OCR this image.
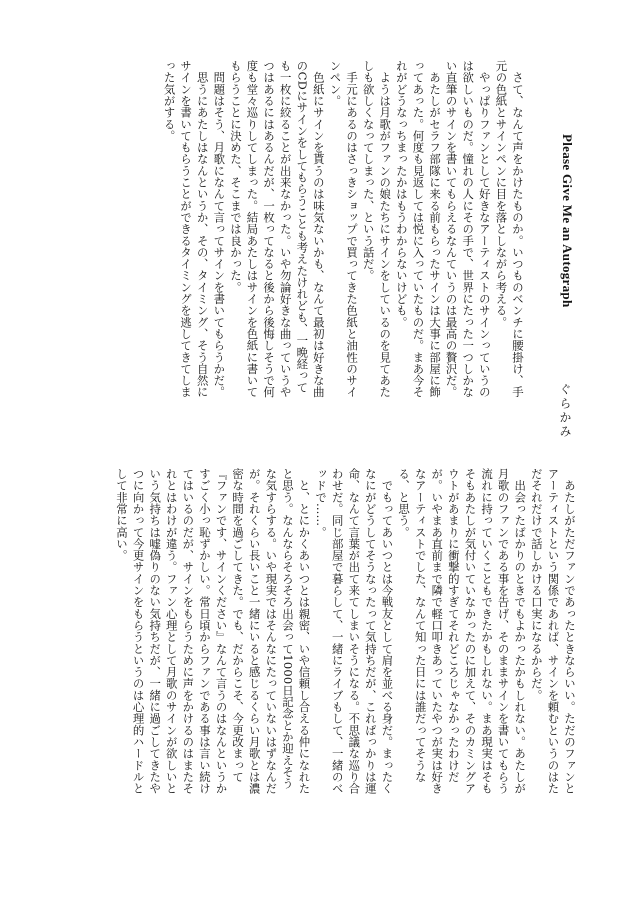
Please Give Me an Autograph
ぐらかみ

　さて、なんて声をかけたものか。いつものベンチに腰掛け、手元の色紙とサインペンに目を落としながら考える。

　やっぱりファンとして好きなアーティストのサインっていうのは欲しいものだ。憧れの人にその手で、世界にたった一つしかない直筆のサインを書いてもらえるなんていうのは最高の贅沢だ。

　あたしがセラフ部隊に来る前もらったサインは大事に部屋に飾ってあった。何度も見返しては悦に入っていたものだ。まあ今それがどうなっちまったかはもうわからないけども。

　ようは月歌がファンの娘たちにサインをしているのを見てあたしも欲しくなってしまった、という話だ。

　手元にあるのはさっきショップで買ってきた色紙と油性のサインペン。

　色紙にサインを貰うのは味気ないかも、なんて最初は好きな曲のCDにサインをしてもらうことも考えたけれども、一晩経っても一枚に絞ることが出来なかった。いや勿論好きな曲っていうやつはあるにはあるんだが、一枚ってなると後から後悔しそうで何度も堂々巡りしてしまった。結局あたしはサインを色紙に書いてもらうことに決めた、そこまでは良かった。

　問題はそう、月歌になんて言ってサインを書いてもらうかだ。

　思うにあたしはなんというか、その、タイミング、そう自然にサインを書いてもらうことができるタイミングを逃してきてしまった気がする。

　あたしがただファンであったときならいい。ただのファンとアーティストという関係であれば、サインを頼むというのはただそれだけで話しかける口実になるからだ。

　出会ったばかりのときでもよかったかもしれない。あたしが月歌のファンである事を告げ、そのままサインを書いてもらう流れに持っていくこともできたかもしれない。まあ現実はそもそもあたしが気付いていなかったのに加えて、そのカミングアウトがあまりに衝撃的すぎてそれどころじゃなかったわけだが。いやまあ直前まで隣で軽口叩きあっていたやつが実は好きなアーティストでした、なんて知った日には誰だってそうなる、と思う。

　でもってあいつとは今戦友として肩を並べる身だ。まったくなにがどうしてそうなったって気持ちだが、これぱっかりは運命、なんて言葉が出て来てしまいそうになる。不思議な巡り合わせだ。同じ部屋で暮らして、一緒にライブもして、一緒のベッドで……。

　と、とにかくあいつとは親密、いや信頼し合える仲になれたと思う。なんならそろそろ出会って1000日記念とか迎えそうな気すらする。いや現実ではそんなにたっていないはずなんだが。それくらい長いこと一緒にいると感じるくらい月歌とは濃密な時間を過ごしてきた。でも、だからこそ、今更改まって『ファンです、サインください』なんて言うのはなんというかすごく小っ恥ずかしい。常日頃からファンである事は言い続けてはいるのだが、サインをもらうために声をかけるのはまたそれとはわけが違う。ファン心理として月歌のサインが欲しいという気持ちは嘘偽りのない気持ちだが、一緒に過ごしてきたやつに向かって今更サインをもらうというのは心理的ハードルとして非常に高い。
